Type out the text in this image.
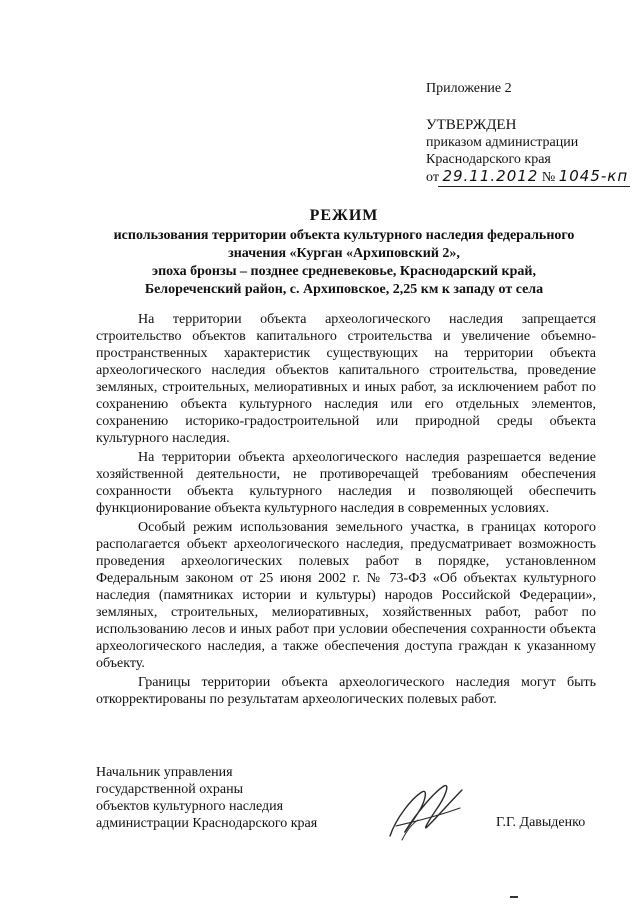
Приложение 2
УТВЕРЖДЕН
приказом администрации
Краснодарского края
от 29.11.2012 № 1045-кп
РЕЖИМ
использования территории объекта культурного наследия федерального
значения «Курган «Архиповский 2»,
эпоха бронзы – позднее средневековье, Краснодарский край,
Белореченский район, с. Архиповское, 2,25 км к западу от села

На территории объекта археологического наследия запрещается строительство объектов капитального строительства и увеличение объемно-пространственных характеристик существующих на территории объекта археологического наследия объектов капитального строительства, проведение земляных, строительных, мелиоративных и иных работ, за исключением работ по сохранению объекта культурного наследия или его отдельных элементов, сохранению историко-градостроительной или природной среды объекта культурного наследия.

На территории объекта археологического наследия разрешается ведение хозяйственной деятельности, не противоречащей требованиям обеспечения сохранности объекта культурного наследия и позволяющей обеспечить функционирование объекта культурного наследия в современных условиях.

Особый режим использования земельного участка, в границах которого располагается объект археологического наследия, предусматривает возможность проведения археологических полевых работ в порядке, установленном Федеральным законом от 25 июня 2002 г. № 73-ФЗ «Об объектах культурного наследия (памятниках истории и культуры) народов Российской Федерации», земляных, строительных, мелиоративных, хозяйственных работ, работ по использованию лесов и иных работ при условии обеспечения сохранности объекта археологического наследия, а также обеспечения доступа граждан к указанному объекту.

Границы территории объекта археологического наследия могут быть откорректированы по результатам археологических полевых работ.

Начальник управления
государственной охраны
объектов культурного наследия
администрации Краснодарского края	Г.Г. Давыденко
